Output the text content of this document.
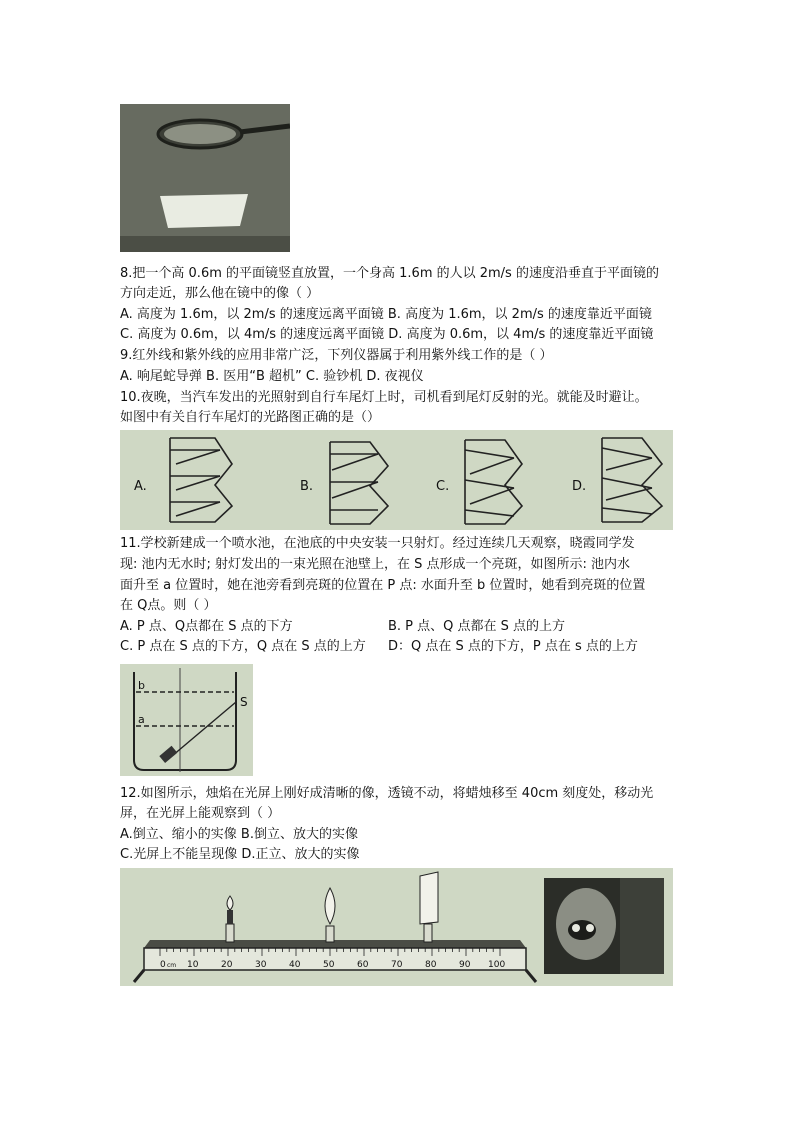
8.把一个高 0.6m 的平面镜竖直放置，一个身高 1.6m 的人以 2m/s 的速度沿垂直于平面镜的
方向走近，那么他在镜中的像（ ）
A. 高度为 1.6m，以 2m/s 的速度远离平面镜 B. 高度为 1.6m，以 2m/s 的速度靠近平面镜
C. 高度为 0.6m，以 4m/s 的速度远离平面镜 D. 高度为 0.6m，以 4m/s 的速度靠近平面镜
9.红外线和紫外线的应用非常广泛，下列仪器属于利用紫外线工作的是（ ）
A. 响尾蛇导弹 B. 医用“B 超机” C. 验钞机 D. 夜视仪
10.夜晚，当汽车发出的光照射到自行车尾灯上时，司机看到尾灯反射的光。就能及时避让。
如图中有关自行车尾灯的光路图正确的是（）
A.	B.	C.	D.
11.学校新建成一个喷水池，在池底的中央安装一只射灯。经过连续几天观察，晓霞同学发
现: 池内无水时; 射灯发出的一束光照在池壁上，在 S 点形成一个亮斑，如图所示: 池内水
面升至 a 位置时，她在池旁看到亮斑的位置在 P 点: 水面升至 b 位置时，她看到亮斑的位置
在 Q点。则（ ）
A. P 点、Q点都在 S 点的下方	B. P 点、Q 点都在 S 点的上方
C. P 点在 S 点的下方，Q 点在 S 点的上方 D：Q 点在 S 点的下方，P 点在 s 点的上方
b
a
S
12.如图所示，烛焰在光屏上刚好成清晰的像，透镜不动，将蜡烛移至 40cm 刻度处，移动光
屏，在光屏上能观察到（ ）
A.倒立、缩小的实像 B.倒立、放大的实像
C.光屏上不能呈现像 D.正立、放大的实像
0 cm 10	20	30	40	50	60	70	80	90 100
